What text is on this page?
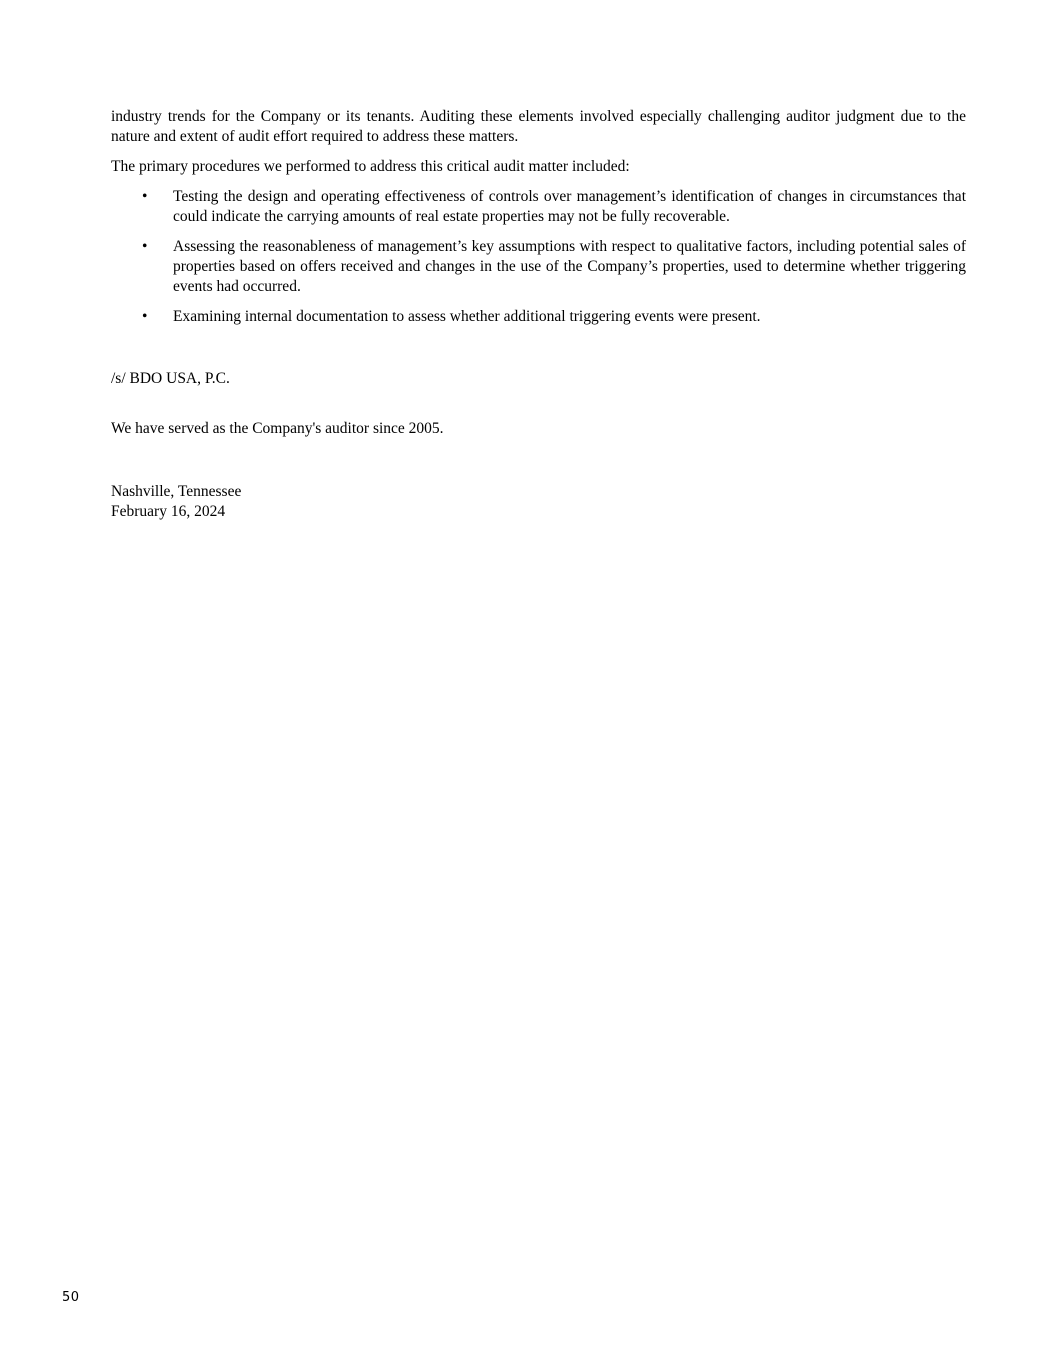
industry trends for the Company or its tenants. Auditing these elements involved especially challenging auditor judgment due to the nature and extent of audit effort required to address these matters.

The primary procedures we performed to address this critical audit matter included:

• Testing the design and operating effectiveness of controls over management’s identification of changes in circumstances that could indicate the carrying amounts of real estate properties may not be fully recoverable.
• Assessing the reasonableness of management’s key assumptions with respect to qualitative factors, including potential sales of properties based on offers received and changes in the use of the Company’s properties, used to determine whether triggering events had occurred.
• Examining internal documentation to assess whether additional triggering events were present.

/s/ BDO USA, P.C.

We have served as the Company's auditor since 2005.

Nashville, Tennessee
February 16, 2024
50
